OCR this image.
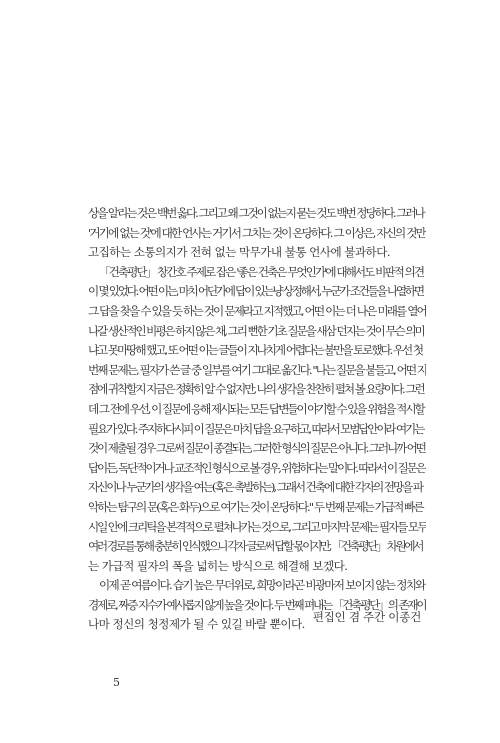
상을 알리는 것은 백번 옳다. 그리고 왜 그것이 없는지 묻는 것도 백번 정당하다. 그러나
'거기에 없는 것'에 대한 언사는 거기서 그치는 것이 온당하다. 그 이상은, 자신의 것만
고집하는 소통의지가 전혀 없는 막무가내 불통 언사에 불과하다.
「건축평단」 창간호 주제로 잡은 '좋은 건축은 무엇인가'에 대해서도 비판적 의견
이 몇 있었다. 어떤 이는, 마치 어딘가에 답이 있는냥 상정해서, 누군가 조건들을 나열하면
그 답을 찾을 수 있을 듯 하는 것이 문제라고 지적했고, 어떤 이는 더 나은 미래를 열어
나갈 생산적인 비평은 하지 않은 채, 그리 뻔한 기초 질문을 새삼 던지는 것이 무슨 의미
냐고 못마땅해 했고, 또 어떤 이는 글들이 지나치게 어렵다는 불만을 토로했다. 우선 첫
번째 문제는, 필자가 쓴 글 중 일부를 여기 그대로 옮긴다. "나는 질문을 붙들고, 어떤 지
점에 귀착할지 지금은 정확히 알 수 없지만, 나의 생각을 찬찬히 펼쳐 볼 요량이다. 그런
데 그 전에 우선, 이 질문에 응해 제시되는 모든 답변들이 야기할 수 있을 위험을 적시할
필요가 있다. 주지하다시피 이 질문은 마치 답을 요구하고, 따라서 모범답안이라 여기는
것이 제출될 경우 그로써 질문이 종결되는, 그러한 형식의 질문은 아니다. 그러니까 어떤
답이든, 독단적이거나 교조적인 형식으로 볼 경우, 위험하다는 말이다. 따라서 이 질문은
자신이나 누군가의 생각을 여는(혹은 촉발하는), 그래서 건축에 대한 각자의 전망을 파
악하는 탐구의 문(혹은 화두)으로 여기는 것이 온당하다." 두 번째 문제는 가급적 빠른
시일 안에 크리틱을 본격적으로 펼쳐나가는 것으로, 그리고 마지막 문제는 필자들 모두
여러 경로를 통해 충분히 인식했으니 각자 글로써 답할 몫이지만, 「건축평단」 차원에서
는 가급적 필자의 폭을 넓히는 방식으로 해결해 보겠다.
이제 곧 여름이다. 습기 높은 무더위로, 희망이라곤 비광마저 보이지 않는 정치와
경제로, 짜증 지수가 예사롭지 않게 높을 것이다. 두 번째 펴내는 「건축평단」의 존재이
나마 정신의 청정제가 될 수 있길 바랄 뿐이다.
편집인 겸 주간 이종건
5
